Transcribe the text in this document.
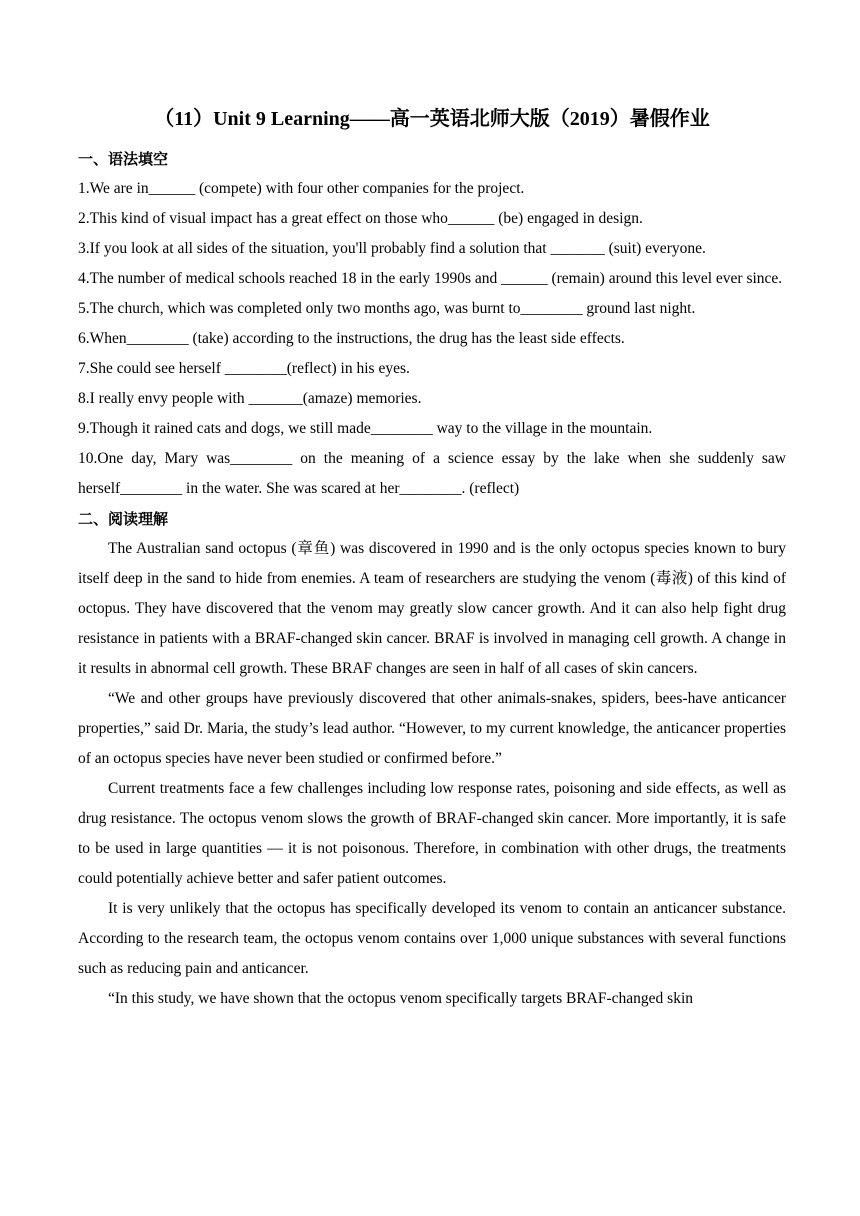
（11）Unit 9 Learning——高一英语北师大版（2019）暑假作业
一、语法填空
1.We are in______ (compete) with four other companies for the project.
2.This kind of visual impact has a great effect on those who______ (be) engaged in design.
3.If you look at all sides of the situation, you'll probably find a solution that _______ (suit) everyone.
4.The number of medical schools reached 18 in the early 1990s and ______ (remain) around this level ever since.
5.The church, which was completed only two months ago, was burnt to________ ground last night.
6.When________ (take) according to the instructions, the drug has the least side effects.
7.She could see herself ________(reflect) in his eyes.
8.I really envy people with _______(amaze) memories.
9.Though it rained cats and dogs, we still made________ way to the village in the mountain.
10.One day, Mary was________ on the meaning of a science essay by the lake when she suddenly saw herself________ in the water. She was scared at her________. (reflect)
二、阅读理解

The Australian sand octopus (章鱼) was discovered in 1990 and is the only octopus species known to bury itself deep in the sand to hide from enemies. A team of researchers are studying the venom (毒液) of this kind of octopus. They have discovered that the venom may greatly slow cancer growth. And it can also help fight drug resistance in patients with a BRAF-changed skin cancer. BRAF is involved in managing cell growth. A change in it results in abnormal cell growth. These BRAF changes are seen in half of all cases of skin cancers.

“We and other groups have previously discovered that other animals-snakes, spiders, bees-have anticancer properties,” said Dr. Maria, the study’s lead author. “However, to my current knowledge, the anticancer properties of an octopus species have never been studied or confirmed before.”

Current treatments face a few challenges including low response rates, poisoning and side effects, as well as drug resistance. The octopus venom slows the growth of BRAF-changed skin cancer. More importantly, it is safe to be used in large quantities — it is not poisonous. Therefore, in combination with other drugs, the treatments could potentially achieve better and safer patient outcomes.

It is very unlikely that the octopus has specifically developed its venom to contain an anticancer substance. According to the research team, the octopus venom contains over 1,000 unique substances with several functions such as reducing pain and anticancer.

“In this study, we have shown that the octopus venom specifically targets BRAF-changed skin
